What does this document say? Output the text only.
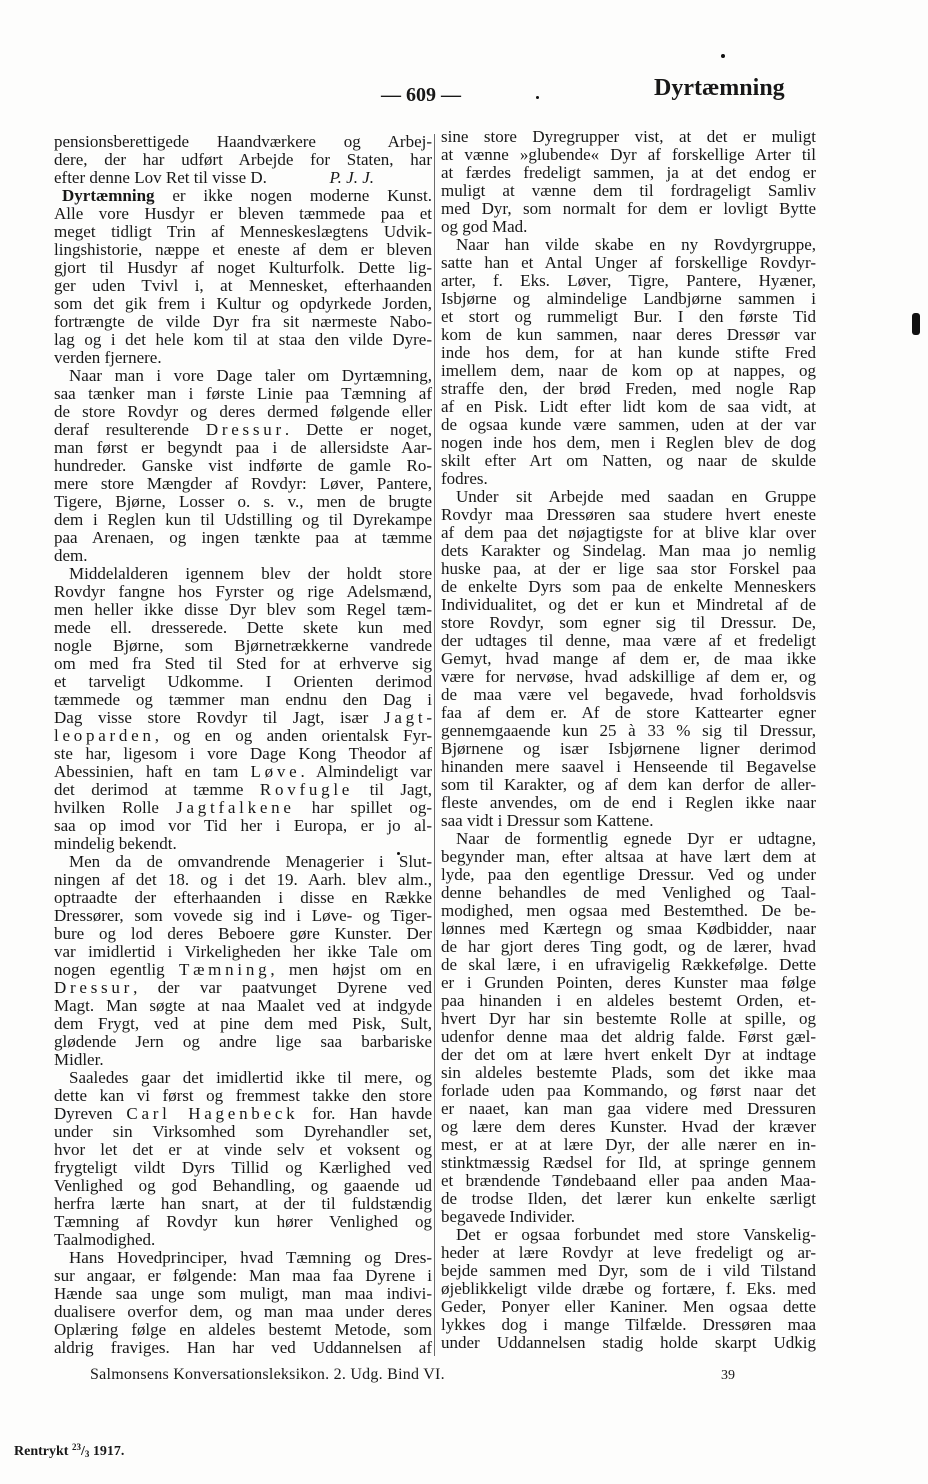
— 609 —	Dyrtæmning
pensionsberettigede Haandværkere og Arbej-
dere, der har udført Arbejde for Staten, har
efter denne Lov Ret til visse D.	P. J. J.
Dyrtæmning er ikke nogen moderne Kunst.
Alle vore Husdyr er bleven tæmmede paa et
meget tidligt Trin af Menneskeslægtens Udvik-
lingshistorie, næppe et eneste af dem er bleven
gjort til Husdyr af noget Kulturfolk. Dette lig-
ger uden Tvivl i, at Mennesket, efterhaanden
som det gik frem i Kultur og opdyrkede Jorden,
fortrængte de vilde Dyr fra sit nærmeste Nabo-
lag og i det hele kom til at staa den vilde Dyre-
verden fjernere.
Naar man i vore Dage taler om Dyrtæmning,
saa tænker man i første Linie paa Tæmning af
de store Rovdyr og deres dermed følgende eller
deraf resulterende Dressur. Dette er noget,
man først er begyndt paa i de allersidste Aar-
hundreder. Ganske vist indførte de gamle Ro-
mere store Mængder af Rovdyr: Løver, Pantere,
Tigere, Bjørne, Losser o. s. v., men de brugte
dem i Reglen kun til Udstilling og til Dyrekampe
paa Arenaen, og ingen tænkte paa at tæmme
dem.
Middelalderen igennem blev der holdt store
Rovdyr fangne hos Fyrster og rige Adelsmænd,
men heller ikke disse Dyr blev som Regel tæm-
mede ell. dresserede. Dette skete kun med
nogle Bjørne, som Bjørnetrækkerne vandrede
om med fra Sted til Sted for at erhverve sig
et tarveligt Udkomme. I Orienten derimod
tæmmede og tæmmer man endnu den Dag i
Dag visse store Rovdyr til Jagt, især Jagt-
leoparden, og en og anden orientalsk Fyr-
ste har, ligesom i vore Dage Kong Theodor af
Abessinien, haft en tam Løve. Almindeligt var
det derimod at tæmme Rovfugle til Jagt,
hvilken Rolle Jagtfalkene har spillet og-
saa op imod vor Tid her i Europa, er jo al-
mindelig bekendt.
Men da de omvandrende Menagerier i Slut-
ningen af det 18. og i det 19. Aarh. blev alm.,
optraadte der efterhaanden i disse en Række
Dressører, som vovede sig ind i Løve- og Tiger-
bure og lod deres Beboere gøre Kunster. Der
var imidlertid i Virkeligheden her ikke Tale om
nogen egentlig Tæmning, men højst om en
Dressur, der var paatvunget Dyrene ved
Magt. Man søgte at naa Maalet ved at indgyde
dem Frygt, ved at pine dem med Pisk, Sult,
glødende Jern og andre lige saa barbariske
Midler.
Saaledes gaar det imidlertid ikke til mere, og
dette kan vi først og fremmest takke den store
Dyreven Carl Hagenbeck for. Han havde
under sin Virksomhed som Dyrehandler set,
hvor let det er at vinde selv et voksent og
frygteligt vildt Dyrs Tillid og Kærlighed ved
Venlighed og god Behandling, og gaaende ud
herfra lærte han snart, at der til fuldstændig
Tæmning af Rovdyr kun hører Venlighed og
Taalmodighed.
Hans Hovedprinciper, hvad Tæmning og Dres-
sur angaar, er følgende: Man maa faa Dyrene i
Hænde saa unge som muligt, man maa indivi-
dualisere overfor dem, og man maa under deres
Oplæring følge en aldeles bestemt Metode, som
aldrig fraviges. Han har ved Uddannelsen af
sine store Dyregrupper vist, at det er muligt
at vænne »glubende« Dyr af forskellige Arter til
at færdes fredeligt sammen, ja at det endog er
muligt at vænne dem til fordrageligt Samliv
med Dyr, som normalt for dem er lovligt Bytte
og god Mad.
Naar han vilde skabe en ny Rovdyrgruppe,
satte han et Antal Unger af forskellige Rovdyr-
arter, f. Eks. Løver, Tigre, Pantere, Hyæner,
Isbjørne og almindelige Landbjørne sammen i
et stort og rummeligt Bur. I den første Tid
kom de kun sammen, naar deres Dressør var
inde hos dem, for at han kunde stifte Fred
imellem dem, naar de kom op at nappes, og
straffe den, der brød Freden, med nogle Rap
af en Pisk. Lidt efter lidt kom de saa vidt, at
de ogsaa kunde være sammen, uden at der var
nogen inde hos dem, men i Reglen blev de dog
skilt efter Art om Natten, og naar de skulde
fodres.
Under sit Arbejde med saadan en Gruppe
Rovdyr maa Dressøren saa studere hvert eneste
af dem paa det nøjagtigste for at blive klar over
dets Karakter og Sindelag. Man maa jo nemlig
huske paa, at der er lige saa stor Forskel paa
de enkelte Dyrs som paa de enkelte Menneskers
Individualitet, og det er kun et Mindretal af de
store Rovdyr, som egner sig til Dressur. De,
der udtages til denne, maa være af et fredeligt
Gemyt, hvad mange af dem er, de maa ikke
være for nervøse, hvad adskillige af dem er, og
de maa være vel begavede, hvad forholdsvis
faa af dem er. Af de store Kattearter egner
gennemgaaende kun 25 à 33 % sig til Dressur,
Bjørnene og især Isbjørnene ligner derimod
hinanden mere saavel i Henseende til Begavelse
som til Karakter, og af dem kan derfor de aller-
fleste anvendes, om de end i Reglen ikke naar
saa vidt i Dressur som Kattene.
Naar de formentlig egnede Dyr er udtagne,
begynder man, efter altsaa at have lært dem at
lyde, paa den egentlige Dressur. Ved og under
denne behandles de med Venlighed og Taal-
modighed, men ogsaa med Bestemthed. De be-
lønnes med Kærtegn og smaa Kødbidder, naar
de har gjort deres Ting godt, og de lærer, hvad
de skal lære, i en ufravigelig Rækkefølge. Dette
er i Grunden Pointen, deres Kunster maa følge
paa hinanden i en aldeles bestemt Orden, et-
hvert Dyr har sin bestemte Rolle at spille, og
udenfor denne maa det aldrig falde. Først gæl-
der det om at lære hvert enkelt Dyr at indtage
sin aldeles bestemte Plads, som det ikke maa
forlade uden paa Kommando, og først naar det
er naaet, kan man gaa videre med Dressuren
og lære dem deres Kunster. Hvad der kræver
mest, er at at lære Dyr, der alle nærer en in-
stinktmæssig Rædsel for Ild, at springe gennem
et brændende Tøndebaand eller paa anden Maa-
de trodse Ilden, det lærer kun enkelte særligt
begavede Individer.
Det er ogsaa forbundet med store Vanskelig-
heder at lære Rovdyr at leve fredeligt og ar-
bejde sammen med Dyr, som de i vild Tilstand
øjeblikkeligt vilde dræbe og fortære, f. Eks. med
Geder, Ponyer eller Kaniner. Men ogsaa dette
lykkes dog i mange Tilfælde. Dressøren maa
under Uddannelsen stadig holde skarpt Udkig
Salmonsens Konversationsleksikon. 2. Udg. Bind VI.	39
Rentrykt $^{23}/_3$ 1917.
